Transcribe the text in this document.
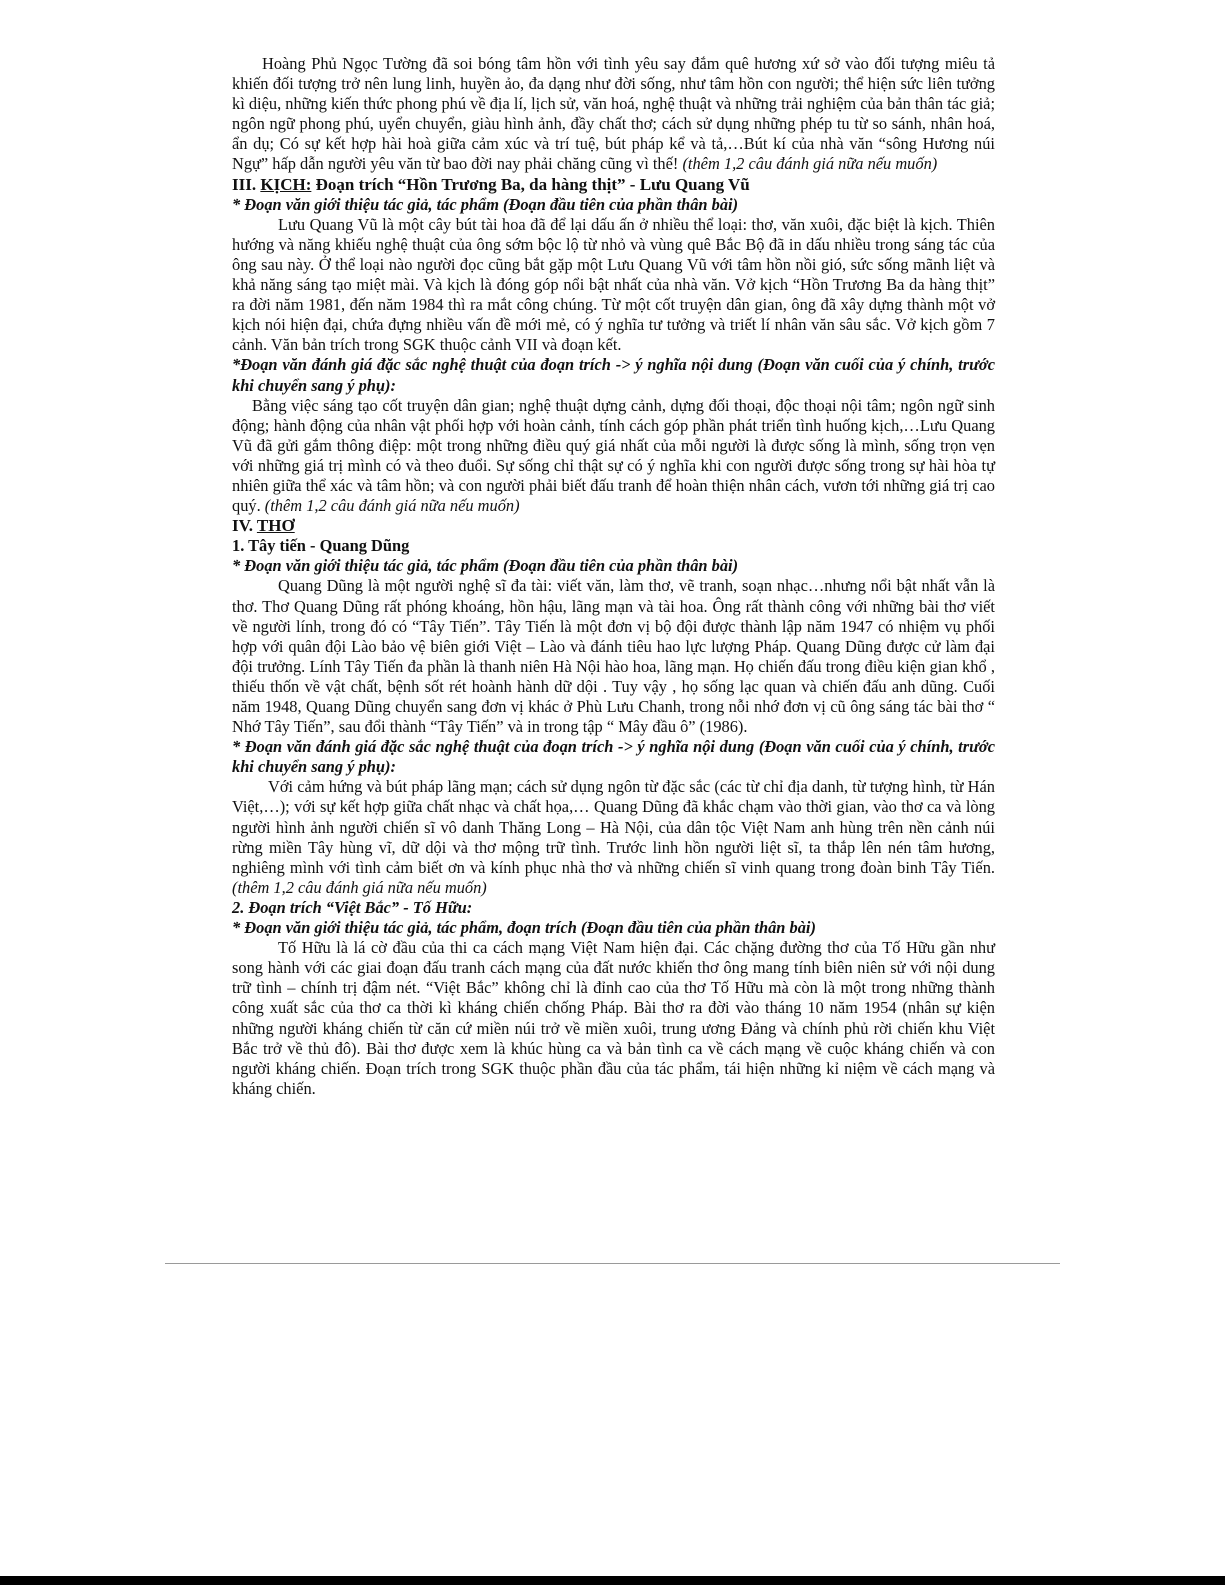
Hoàng Phủ Ngọc Tường đã soi bóng tâm hồn với tình yêu say đắm quê hương xứ sở vào đối tượng miêu tả khiến đối tượng trở nên lung linh, huyền ảo, đa dạng như đời sống, như tâm hồn con người; thể hiện sức liên tưởng kì diệu, những kiến thức phong phú về địa lí, lịch sử, văn hoá, nghệ thuật và những trải nghiệm của bản thân tác giả; ngôn ngữ phong phú, uyển chuyển, giàu hình ảnh, đầy chất thơ; cách sử dụng những phép tu từ so sánh, nhân hoá, ẩn dụ; Có sự kết hợp hài hoà giữa cảm xúc và trí tuệ, bút pháp kể và tả,…Bút kí của nhà văn “sông Hương núi Ngự” hấp dẫn người yêu văn từ bao đời nay phải chăng cũng vì thế! (thêm 1,2 câu đánh giá nữa nếu muốn)

III. KỊCH: Đoạn trích “Hồn Trương Ba, da hàng thịt” - Lưu Quang Vũ

* Đoạn văn giới thiệu tác giả, tác phẩm (Đoạn đầu tiên của phần thân bài)

Lưu Quang Vũ là một cây bút tài hoa đã để lại dấu ấn ở nhiều thể loại: thơ, văn xuôi, đặc biệt là kịch. Thiên hướng và năng khiếu nghệ thuật của ông sớm bộc lộ từ nhỏ và vùng quê Bắc Bộ đã in dấu nhiều trong sáng tác của ông sau này. Ở thể loại nào người đọc cũng bắt gặp một Lưu Quang Vũ với tâm hồn nồi gió, sức sống mãnh liệt và khả năng sáng tạo miệt mài. Và kịch là đóng góp nổi bật nhất của nhà văn. Vở kịch “Hồn Trương Ba da hàng thịt” ra đời năm 1981, đến năm 1984 thì ra mắt công chúng. Từ một cốt truyện dân gian, ông đã xây dựng thành một vở kịch nói hiện đại, chứa đựng nhiều vấn đề mới mẻ, có ý nghĩa tư tưởng và triết lí nhân văn sâu sắc. Vở kịch gồm 7 cảnh. Văn bản trích trong SGK thuộc cảnh VII và đoạn kết.

*Đoạn văn đánh giá đặc sắc nghệ thuật của đoạn trích -> ý nghĩa nội dung (Đoạn văn cuối của ý chính, trước khi chuyển sang ý phụ):

Bằng việc sáng tạo cốt truyện dân gian; nghệ thuật dựng cảnh, dựng đối thoại, độc thoại nội tâm; ngôn ngữ sinh động; hành động của nhân vật phối hợp với hoàn cảnh, tính cách góp phần phát triển tình huống kịch,…Lưu Quang Vũ đã gửi gắm thông điệp: một trong những điều quý giá nhất của mỗi người là được sống là mình, sống trọn vẹn với những giá trị mình có và theo đuổi. Sự sống chỉ thật sự có ý nghĩa khi con người được sống trong sự hài hòa tự nhiên giữa thể xác và tâm hồn; và con người phải biết đấu tranh để hoàn thiện nhân cách, vươn tới những giá trị cao quý. (thêm 1,2 câu đánh giá nữa nếu muốn)

IV. THƠ

1. Tây tiến - Quang Dũng

* Đoạn văn giới thiệu tác giả, tác phẩm (Đoạn đầu tiên của phần thân bài)

Quang Dũng là một người nghệ sĩ đa tài: viết văn, làm thơ, vẽ tranh, soạn nhạc…nhưng nổi bật nhất vẫn là thơ. Thơ Quang Dũng rất phóng khoáng, hồn hậu, lãng mạn và tài hoa. Ông rất thành công với những bài thơ viết về người lính, trong đó có “Tây Tiến”. Tây Tiến là một đơn vị bộ đội được thành lập năm 1947 có nhiệm vụ phối hợp với quân đội Lào bảo vệ biên giới Việt – Lào và đánh tiêu hao lực lượng Pháp. Quang Dũng được cử làm đại đội trưởng. Lính Tây Tiến đa phần là thanh niên Hà Nội hào hoa, lãng mạn. Họ chiến đấu trong điều kiện gian khổ , thiếu thốn về vật chất, bệnh sốt rét hoành hành dữ dội . Tuy vậy , họ sống lạc quan và chiến đấu anh dũng. Cuối năm 1948, Quang Dũng chuyển sang đơn vị khác ở Phù Lưu Chanh, trong nỗi nhớ đơn vị cũ ông sáng tác bài thơ “ Nhớ Tây Tiến”, sau đổi thành “Tây Tiến” và in trong tập “ Mây đầu ô” (1986).

* Đoạn văn đánh giá đặc sắc nghệ thuật của đoạn trích -> ý nghĩa nội dung (Đoạn văn cuối của ý chính, trước khi chuyển sang ý phụ):

Với cảm hứng và bút pháp lãng mạn; cách sử dụng ngôn từ đặc sắc (các từ chỉ địa danh, từ tượng hình, từ Hán Việt,…); với sự kết hợp giữa chất nhạc và chất họa,… Quang Dũng đã khắc chạm vào thời gian, vào thơ ca và lòng người hình ảnh người chiến sĩ vô danh Thăng Long – Hà Nội, của dân tộc Việt Nam anh hùng trên nền cảnh núi rừng miền Tây hùng vĩ, dữ dội và thơ mộng trữ tình. Trước linh hồn người liệt sĩ, ta thắp lên nén tâm hương, nghiêng mình với tình cảm biết ơn và kính phục nhà thơ và những chiến sĩ vinh quang trong đoàn binh Tây Tiến.(thêm 1,2 câu đánh giá nữa nếu muốn)

2. Đoạn trích “Việt Bắc” - Tố Hữu:

* Đoạn văn giới thiệu tác giả, tác phẩm, đoạn trích (Đoạn đầu tiên của phần thân bài)

Tố Hữu là lá cờ đầu của thi ca cách mạng Việt Nam hiện đại. Các chặng đường thơ của Tố Hữu gần như song hành với các giai đoạn đấu tranh cách mạng của đất nước khiến thơ ông mang tính biên niên sử với nội dung trữ tình – chính trị đậm nét. “Việt Bắc” không chỉ là đỉnh cao của thơ Tố Hữu mà còn là một trong những thành công xuất sắc của thơ ca thời kì kháng chiến chống Pháp. Bài thơ ra đời vào tháng 10 năm 1954 (nhân sự kiện những người kháng chiến từ căn cứ miền núi trở về miền xuôi, trung ương Đảng và chính phủ rời chiến khu Việt Bắc trở về thủ đô). Bài thơ được xem là khúc hùng ca và bản tình ca về cách mạng về cuộc kháng chiến và con người kháng chiến. Đoạn trích trong SGK thuộc phần đầu của tác phẩm, tái hiện những kỉ niệm về cách mạng và kháng chiến.
